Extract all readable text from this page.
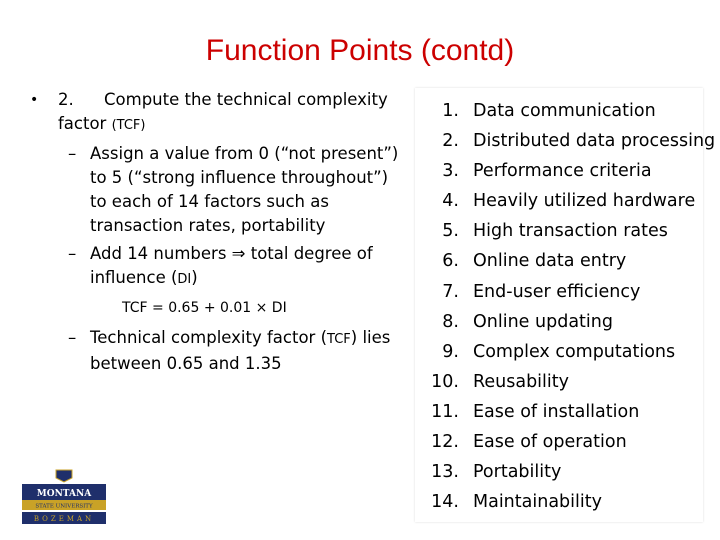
Function Points (contd)
• 2. Compute the technical complexity
factor (TCF)
– Assign a value from 0 (“not present”)
to 5 (“strong influence throughout”)
to each of 14 factors such as
transaction rates, portability
– Add 14 numbers ⇒ total degree of
influence (DI)
TCF = 0.65 + 0.01 × DI
– Technical complexity factor (TCF) lies
between 0.65 and 1.35
1. Data communication
2. Distributed data processing
3. Performance criteria
4. Heavily utilized hardware
5. High transaction rates
6. Online data entry
7. End-user efficiency
8. Online updating
9. Complex computations
10. Reusability
11. Ease of installation
12. Ease of operation
13. Portability
14. Maintainability
MONTANA
STATE UNIVERSITY
BOZEMAN
